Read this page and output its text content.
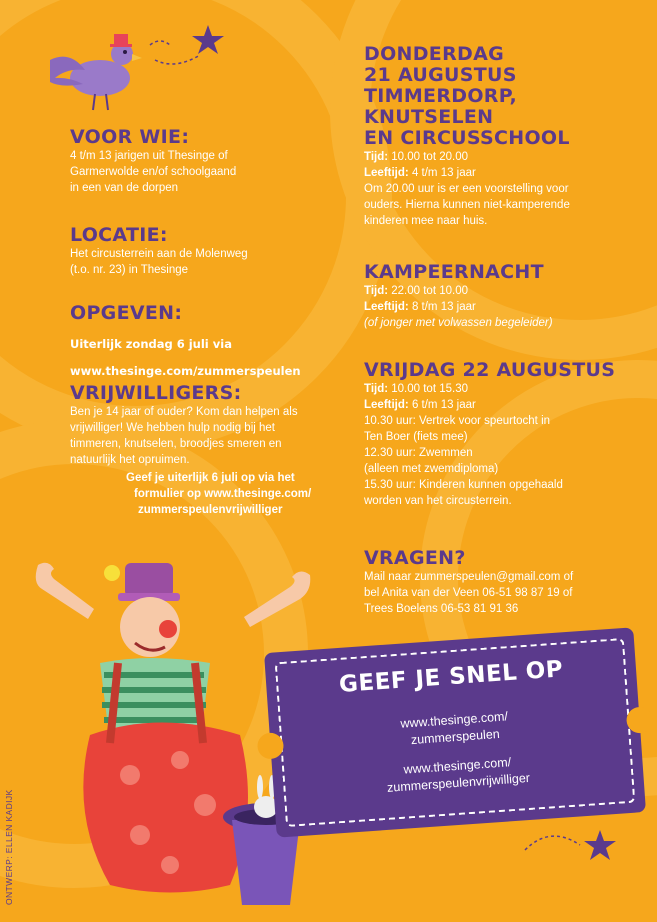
VOOR WIE:

4 t/m 13 jarigen uit Thesinge of

Garmerwolde en/of schoolgaand

in een van de dorpen

LOCATIE:

Het circusterrein aan de Molenweg

(t.o. nr. 23) in Thesinge

OPGEVEN:

Uiterlijk zondag 6 juli via

www.thesinge.com/zummerspeulen

VRIJWILLIGERS:

Ben je 14 jaar of ouder? Kom dan helpen als

vrijwilliger! We hebben hulp nodig bij het

timmeren, knutselen, broodjes smeren en

natuurlijk het opruimen.

Geef je uiterlijk 6 juli op via het

formulier op www.thesinge.com/

zummerspeulenvrijwilliger

DONDERDAG
21 AUGUSTUS
TIMMERDORP, KNUTSELEN
EN CIRCUSSCHOOL

Tijd: 10.00 tot 20.00

Leeftijd: 4 t/m 13 jaar

Om 20.00 uur is er een voorstelling voor

ouders. Hierna kunnen niet-kamperende

kinderen mee naar huis.

KAMPEERNACHT

Tijd: 22.00 tot 10.00

Leeftijd: 8 t/m 13 jaar

(of jonger met volwassen begeleider)

VRIJDAG 22 AUGUSTUS

Tijd: 10.00 tot 15.30

Leeftijd: 6 t/m 13 jaar

10.30 uur: Vertrek voor speurtocht in

Ten Boer (fiets mee)

12.30 uur: Zwemmen

(alleen met zwemdiploma)

15.30 uur: Kinderen kunnen opgehaald

worden van het circusterrein.

VRAGEN?

Mail naar zummerspeulen@gmail.com of

bel Anita van der Veen 06-51 98 87 19 of

Trees Boelens 06-53 81 91 36

GEEF JE SNEL OP
www.thesinge.com/
zummerspeulen
www.thesinge.com/
zummerspeulenvrijwilliger
ONTWERP: ELLEN KADIJK
